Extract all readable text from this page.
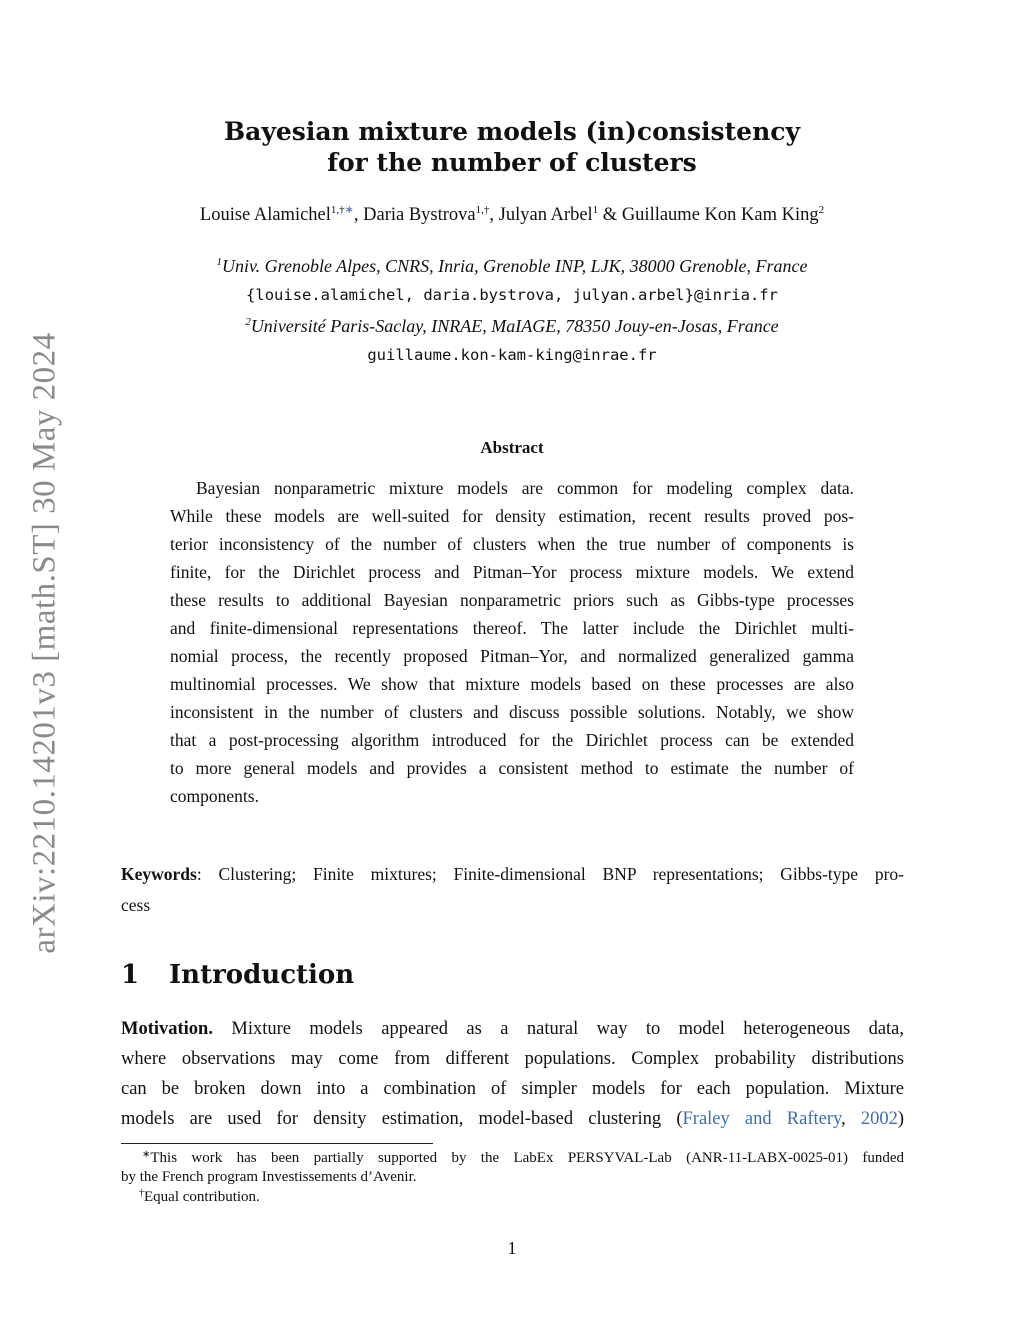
arXiv:2210.14201v3 [math.ST] 30 May 2024
Bayesian mixture models (in)consistency
for the number of clusters
Louise Alamichel$^{1,\dagger∗}$, Daria Bystrova$^{1,\dagger}$, Julyan Arbel$^1$ & Guillaume Kon Kam King$^2$
$^1$Univ. Grenoble Alpes, CNRS, Inria, Grenoble INP, LJK, 38000 Grenoble, France
{louise.alamichel, daria.bystrova, julyan.arbel}@inria.fr
$^2$Université Paris-Saclay, INRAE, MaIAGE, 78350 Jouy-en-Josas, France
guillaume.kon-kam-king@inrae.fr
Abstract
Bayesian nonparametric mixture models are common for modeling complex data.
While these models are well-suited for density estimation, recent results proved pos-
terior inconsistency of the number of clusters when the true number of components is
finite, for the Dirichlet process and Pitman–Yor process mixture models. We extend
these results to additional Bayesian nonparametric priors such as Gibbs-type processes
and finite-dimensional representations thereof. The latter include the Dirichlet multi-
nomial process, the recently proposed Pitman–Yor, and normalized generalized gamma
multinomial processes. We show that mixture models based on these processes are also
inconsistent in the number of clusters and discuss possible solutions. Notably, we show
that a post-processing algorithm introduced for the Dirichlet process can be extended
to more general models and provides a consistent method to estimate the number of
components.
Keywords: Clustering; Finite mixtures; Finite-dimensional BNP representations; Gibbs-type pro-
cess
1 Introduction
Motivation. Mixture models appeared as a natural way to model heterogeneous data,
where observations may come from different populations. Complex probability distributions
can be broken down into a combination of simpler models for each population. Mixture
models are used for density estimation, model-based clustering (Fraley and Raftery, 2002)
∗This work has been partially supported by the LabEx PERSYVAL-Lab (ANR-11-LABX-0025-01) funded
by the French program Investissements d’Avenir.
†Equal contribution.
1
